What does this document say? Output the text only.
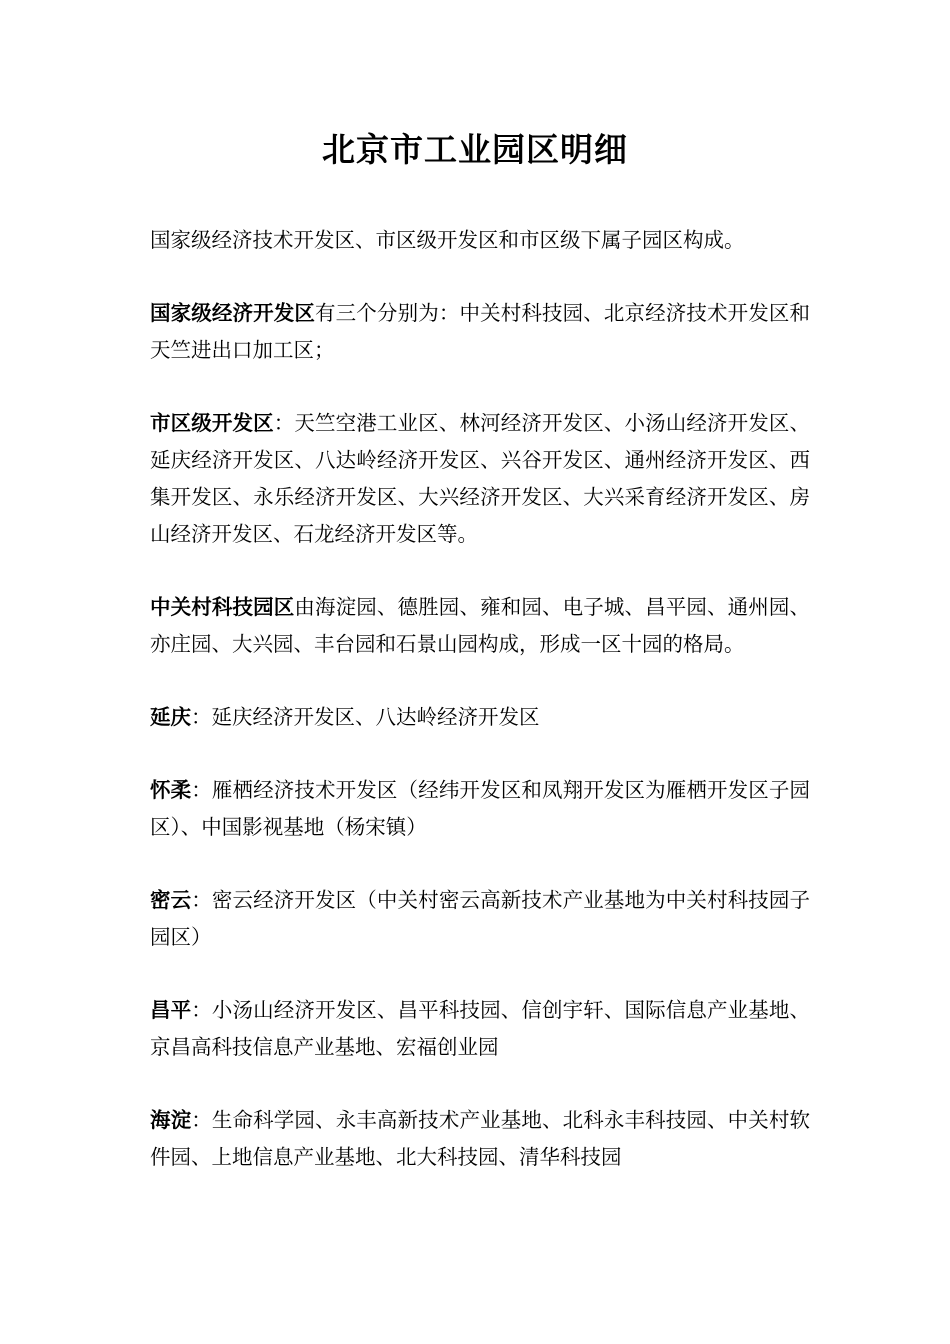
北京市工业园区明细

国家级经济技术开发区、市区级开发区和市区级下属子园区构成。

国家级经济开发区有三个分别为：中关村科技园、北京经济技术开发区和天竺进出口加工区；

市区级开发区：天竺空港工业区、林河经济开发区、小汤山经济开发区、延庆经济开发区、八达岭经济开发区、兴谷开发区、通州经济开发区、西集开发区、永乐经济开发区、大兴经济开发区、大兴采育经济开发区、房山经济开发区、石龙经济开发区等。

中关村科技园区由海淀园、德胜园、雍和园、电子城、昌平园、通州园、亦庄园、大兴园、丰台园和石景山园构成，形成一区十园的格局。

延庆：延庆经济开发区、八达岭经济开发区

怀柔：雁栖经济技术开发区（经纬开发区和凤翔开发区为雁栖开发区子园区）、中国影视基地（杨宋镇）

密云：密云经济开发区（中关村密云高新技术产业基地为中关村科技园子园区）

昌平：小汤山经济开发区、昌平科技园、信创宇轩、国际信息产业基地、京昌高科技信息产业基地、宏福创业园

海淀：生命科学园、永丰高新技术产业基地、北科永丰科技园、中关村软件园、上地信息产业基地、北大科技园、清华科技园
